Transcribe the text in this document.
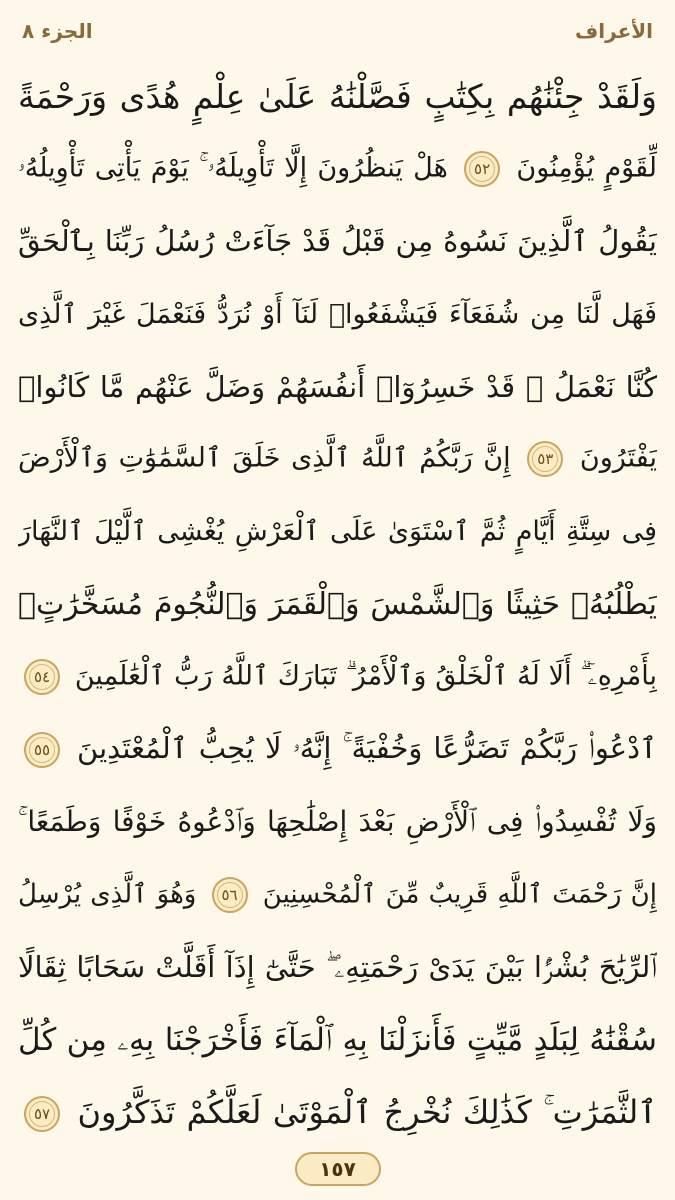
الجزء ٨	الأعراف
وَلَقَدْ جِئْنَٰهُم بِكِتَٰبٍ فَصَّلْنَٰهُ عَلَىٰ عِلْمٍ هُدًى وَرَحْمَةً
لِّقَوْمٍ يُؤْمِنُونَ ٥٢ هَلْ يَنظُرُونَ إِلَّا تَأْوِيلَهُۥ ۚ يَوْمَ يَأْتِى تَأْوِيلُهُۥ
يَقُولُ ٱلَّذِينَ نَسُوهُ مِن قَبْلُ قَدْ جَآءَتْ رُسُلُ رَبِّنَا بِٱلْحَقِّ
فَهَل لَّنَا مِن شُفَعَآءَ فَيَشْفَعُوا۟ لَنَآ أَوْ نُرَدُّ فَنَعْمَلَ غَيْرَ ٱلَّذِى
كُنَّا نَعْمَلُ ۚ قَدْ خَسِرُوٓا۟ أَنفُسَهُمْ وَضَلَّ عَنْهُم مَّا كَانُوا۟
يَفْتَرُونَ ٥٣ إِنَّ رَبَّكُمُ ٱللَّهُ ٱلَّذِى خَلَقَ ٱلسَّمَٰوَٰتِ وَٱلْأَرْضَ
فِى سِتَّةِ أَيَّامٍ ثُمَّ ٱسْتَوَىٰ عَلَى ٱلْعَرْشِ يُغْشِى ٱلَّيْلَ ٱلنَّهَارَ
يَطْلُبُهُۥ حَثِيثًا وَٱلشَّمْسَ وَٱلْقَمَرَ وَٱلنُّجُومَ مُسَخَّرَٰتٍۭ
بِأَمْرِهِۦٓ ۗ أَلَا لَهُ ٱلْخَلْقُ وَٱلْأَمْرُ ۗ تَبَارَكَ ٱللَّهُ رَبُّ ٱلْعَٰلَمِينَ ٥٤
ٱدْعُوا۟ رَبَّكُمْ تَضَرُّعًا وَخُفْيَةً ۚ إِنَّهُۥ لَا يُحِبُّ ٱلْمُعْتَدِينَ ٥٥
وَلَا تُفْسِدُوا۟ فِى ٱلْأَرْضِ بَعْدَ إِصْلَٰحِهَا وَٱدْعُوهُ خَوْفًا وَطَمَعًا ۚ
إِنَّ رَحْمَتَ ٱللَّهِ قَرِيبٌ مِّنَ ٱلْمُحْسِنِينَ ٥٦ وَهُوَ ٱلَّذِى يُرْسِلُ
ٱلرِّيَٰحَ بُشْرًۢا بَيْنَ يَدَىْ رَحْمَتِهِۦ ۖ حَتَّىٰٓ إِذَآ أَقَلَّتْ سَحَابًا ثِقَالًا
سُقْنَٰهُ لِبَلَدٍ مَّيِّتٍ فَأَنزَلْنَا بِهِ ٱلْمَآءَ فَأَخْرَجْنَا بِهِۦ مِن كُلِّ
ٱلثَّمَرَٰتِ ۚ كَذَٰلِكَ نُخْرِجُ ٱلْمَوْتَىٰ لَعَلَّكُمْ تَذَكَّرُونَ ٥٧
١٥٧
